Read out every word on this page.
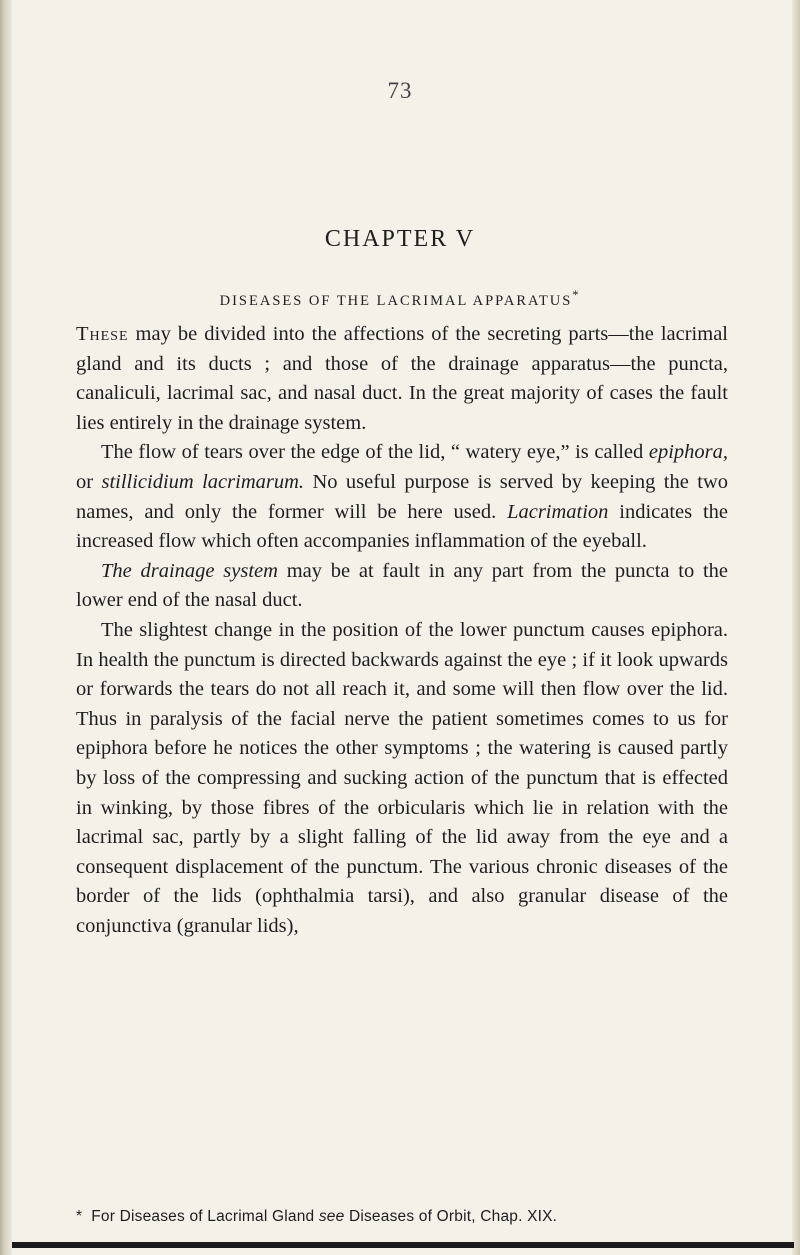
73
CHAPTER V
DISEASES OF THE LACRIMAL APPARATUS*

These may be divided into the affections of the secreting parts—the lacrimal gland and its ducts ; and those of the drainage apparatus—the puncta, canaliculi, lacrimal sac, and nasal duct. In the great majority of cases the fault lies entirely in the drainage system.

The flow of tears over the edge of the lid, “ watery eye,” is called epiphora, or stillicidium lacrimarum. No useful purpose is served by keeping the two names, and only the former will be here used. Lacrimation indicates the increased flow which often accompanies inflammation of the eyeball.

The drainage system may be at fault in any part from the puncta to the lower end of the nasal duct.

The slightest change in the position of the lower punctum causes epiphora. In health the punctum is directed backwards against the eye ; if it look upwards or forwards the tears do not all reach it, and some will then flow over the lid. Thus in paralysis of the facial nerve the patient sometimes comes to us for epiphora before he notices the other symptoms ; the watering is caused partly by loss of the compressing and sucking action of the punctum that is effected in winking, by those fibres of the orbicularis which lie in relation with the lacrimal sac, partly by a slight falling of the lid away from the eye and a consequent displacement of the punctum. The various chronic diseases of the border of the lids (ophthalmia tarsi), and also granular disease of the conjunctiva (granular lids),

* For Diseases of Lacrimal Gland see Diseases of Orbit, Chap. XIX.
